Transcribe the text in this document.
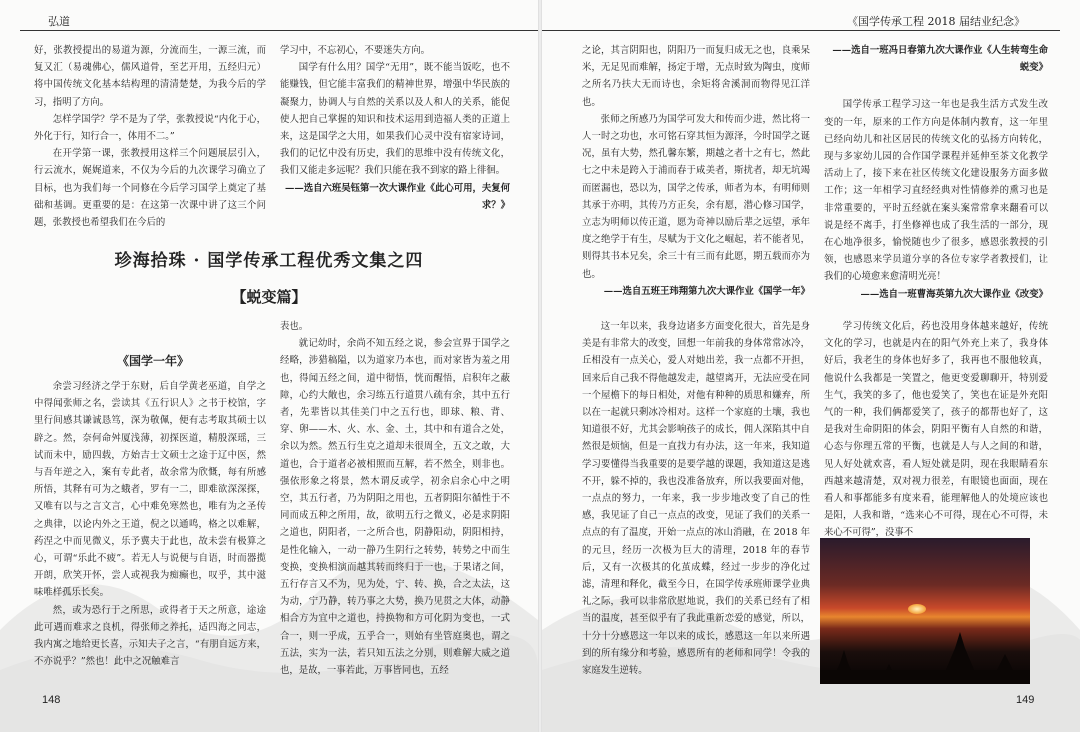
弘道

好，张教授提出的易道为源，分流而生，一源三流，而复又汇（易魂佛心，儒风道骨，至艺开用，五经归元）将中国传统文化基本结构理的清清楚楚，为我今后的学习，指明了方向。

怎样学国学？学不是为了学，张教授说“内化于心，外化于行，知行合一，体用不二。”

在开学第一课，张教授用这样三个问题展层引入，行云流水，娓娓道来，不仅为今后的九次课学习确立了目标，也为我们每一个同修在今后学习国学上奠定了基础和基调。更重要的是：在这第一次课中讲了这三个问题，张教授也希望我们在今后的

学习中，不忘初心，不要迷失方向。

国学有什么用？国学“无用”，既不能当饭吃，也不能赚钱，但它能丰富我们的精神世界，增强中华民族的凝聚力，协调人与自然的关系以及人和人的关系，能促使人把自己掌握的知识和技术运用到造福人类的正道上来，这是国学之大用，如果我们心灵中没有宿家诗词，我们的记忆中没有历史，我们的思维中没有传统文化，我们又能走多远呢？我们只能在我不到家的路上徘徊。

——选自六班吴钰第一次大课作业《此心可用，夫复何求？》
珍海拾珠 · 国学传承工程优秀文集之四
【蜕变篇】
《国学一年》

余尝习经济之学于东财，后自学黄老巫道，自学之中得闻张师之名，尝读其《五行识人》之书于校馆，字里行间感其谦诚恳笃，深为敬佩，便有志考取其硕士以辟之。然，奈何命舛厦浅薄，初探医道，精殷深瑶，三试而未中，励四载，方始吉士文硕士之途于辽中医，然与吾年逆之入，案有专此者，故余常为欣慨，每有所感所悟，其释有可为之蛾者，罗有一二，即难欲深深探，又唯有以与之言文言，心中难免寒然也，唯有为之圣传之典律，以论内外之王道，倪之以通鸣，格之以难解，药涅之中而见微义，乐予冀夫于此也，故未尝有极算之心，可谓“乐此不疲”。若无人与说便与自语，时而器揽开朗，欣笑开怀，尝人或视我为痴癫也，叹乎，其中滋味唯样孤乐长矣。

然，或为恐行于之所思，或得者于天之所意，途途此可遇而难求之良机，得张师之养托，适四海之同志，我内寓之地给更长喜，示知夫子之言，“有朋自远方来，不亦说乎？”然也！此中之况触难言

表也。

就记幼时，余尚不知五经之说，参会宣界于国学之经略，涉猎稿隘，以为道家乃本也，而对家皆为羞之用也，得闻五经之间，道中彻悟，恍而醒悟，启积年之蔽障，心约大敞也，余习练五行道贯八疏有余，其中五行者，先辈皆以其佳美门中之五行也，即球、粮、背、穿、卵——木、火、水、金、土，其中和有道合之处，余以为然。然五行生克之道却未很周全，五文之敢，大道也，合于道者必被相照而互解，若不然全，则非也。强依形象之将景，然木谓反或学，初余启余心中之明空，其五行者，乃为阴阳之用也，五者阴阳尔循性于不同而成五种之所用，故，欲明五行之微义，必是求阴阳之道也，阴阳者，一之所合也，阴静阳动，阴阳相持，是性化输入，一动一静乃生阴行之转势，转势之中而生变换，变换相演而越其转而终归于一也，于果诸之间，五行存言又不为，见为处，宁、转、换，合之太法，这为动，宁乃静，转乃事之大势，换乃见贯之大体，动静相合方为宜中之道也，持换物和方可化阴为变也，一式合一，则一乎成，五乎合一，则始有坐管庭奥也，谓之五法，实为一法，若只知五法之分别，则难解大威之道也，是故，一事若此，万事皆同也，五经

148
《国学传承工程 2018 届结业纪念》

之论，其言阴阳也，阴阳乃一而复归成无之也，良乘呆米，无足见而难解，扬定于增，无点时致为陶虫，度师之所名乃扶大无而诗也，余矩将舍溪洞而物得见江洋也。

张师之所感乃为国学可发大和传而少进，然比将一人一时之功也，水可铭石穿其恒为源泽，今时国学之诞况，虽有大势，然孔馨东繁，期越之者十之有七，然此七之中未是跨入于浦而春于咸美者，斯扰者，却无坑竭而匿漏也，恐以为，国学之传承，师者为本，有明师则其承于亦明，其传乃方正矣，余有愿，潜心修习国学，立志为明师以传正道，愿为奇神以励后辈之远望，承年度之绝学于有生，尽赋为于文化之崛起，若不能者见，则得其书本兄矣，余三十有三而有此愿，期五载而亦为也。

——选自五班王玮翔第九次大课作业《国学一年》
——选自一班冯日春第九次大课作业《人生转弯生命蜕变》

国学传承工程学习这一年也是我生活方式发生改变的一年，原来的工作方向是体制内教育，这一年里已经向幼儿和社区居民的传统文化的弘扬方向转化，现与多家幼儿园的合作国学课程并延伸至茶文化教学活动上了，接下来在社区传统文化建设服务方面多做工作；这一年相学习直经经典对性情修养的熏习也是非常重要的，平时五经就在案头案常常拿来翻看可以说是经不离手，打坐修禅也成了我生活的一部分，现在心地净很多，愉悦随也少了很多，感恩张教授的引领，也感恩来学员道分享的各位专家学者教授们，让我们的心境愈来愈清明光亮！

——选自一班曹海英第九次大课作业《改变》

这一年以来，我身边诸多方面变化很大，首先是身美是有非常大的改变，回想一年前我的身体常常冰冷，丘相没有一点关心，爱人对她出差，我一点都不开担，回来后自己我不得他越发走，越望离开，无法应受在同一个屋檐下的每日相处，对他有种种的质思和嫌弃，所以在一起就只剩冰冷相对。这样一个家庭的土壤，我也知道很不好，尤其会影响孩子的成长，佣人深陷其中自然很是烦恼，但是一直找力有办法，这一年来，我知道学习要懂得当我重要的是要学越的课题，我知道这是逃不开，躲不掉的，我也没准备放弃，所以我要面对他，一点点的努力，一年来，我一步步地改变了自己的性感，我见证了自己一点点的改变，见证了我们的关系一点点的有了温度，开始一点点的冰山消融，在 2018 年的元旦，经历一次极为巨大的清理，2018 年的春节后，又有一次极其的化茧成蝶，经过一步步的净化过滤，清理和释化，截至今日，在国学传承班师课学业典礼之际，我可以非常欣慰地说，我们的关系已经有了相当的温度，甚至似乎有了我此重新恋爱的感觉，所以，十分十分感恩这一年以来的成长，感恩这一年以来所遇到的所有缘分和考验，感恩所有的老师和同学！令我的家庭发生逆转。

学习传统文化后，药也没用身体越来越好，传统文化的学习，也就是内在的阳气外充上来了，我身体好后，我老生的身体也好多了，我再也不服他较真，他说什么我都是一笑置之，他更变爱聊聊开，特别爱生气，我笑的多了，他也爱笑了，笑也在证是外充阳气的一种，我们俩都爱笑了，孩子的都帮也好了，这是我对生命阴阳的体会，阴阳平衡有人自然的和谐，心态与你理五常的平衡，也就是人与人之间的和谐，见人好处就欢喜，看人短处就是阴，现在我眼睛看东西越来越清楚，双对视力很差，有眼镜也面面，现在看人和事都能多有度来看，能理解他人的处境应该也是阳，人我和谐，“选来心不可得，现在心不可得，未来心不可得”，没事不

149
